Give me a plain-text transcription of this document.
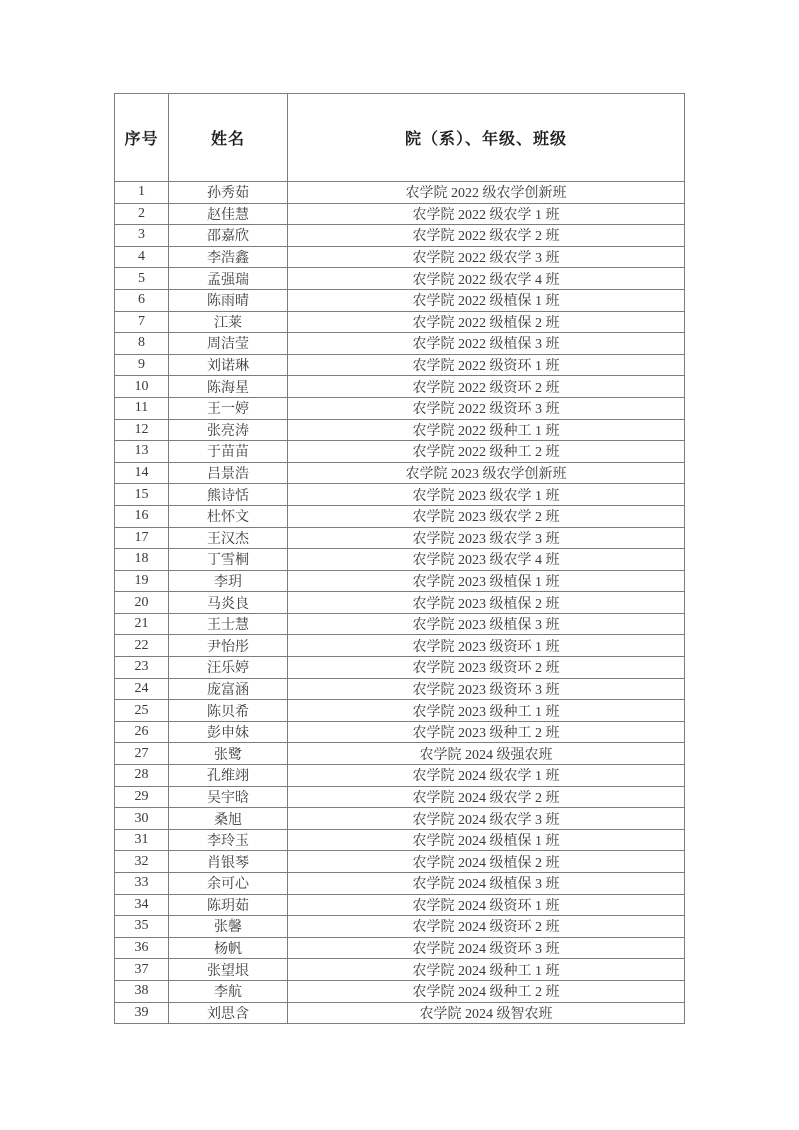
序号	姓名	院（系）、年级、班级
1	孙秀茹	农学院 2022 级农学创新班
2	赵佳慧	农学院 2022 级农学 1 班
3	邵嘉欣	农学院 2022 级农学 2 班
4	李浩鑫	农学院 2022 级农学 3 班
5	孟强瑞	农学院 2022 级农学 4 班
6	陈雨晴	农学院 2022 级植保 1 班
7	江莱	农学院 2022 级植保 2 班
8	周洁莹	农学院 2022 级植保 3 班
9	刘诺琳	农学院 2022 级资环 1 班
10	陈海星	农学院 2022 级资环 2 班
11	王一婷	农学院 2022 级资环 3 班
12	张亮涛	农学院 2022 级种工 1 班
13	于苗苗	农学院 2022 级种工 2 班
14	吕景浩	农学院 2023 级农学创新班
15	熊诗恬	农学院 2023 级农学 1 班
16	杜怀文	农学院 2023 级农学 2 班
17	王汉杰	农学院 2023 级农学 3 班
18	丁雪桐	农学院 2023 级农学 4 班
19	李玥	农学院 2023 级植保 1 班
20	马炎良	农学院 2023 级植保 2 班
21	王士慧	农学院 2023 级植保 3 班
22	尹怡彤	农学院 2023 级资环 1 班
23	汪乐婷	农学院 2023 级资环 2 班
24	庞富涵	农学院 2023 级资环 3 班
25	陈贝希	农学院 2023 级种工 1 班
26	彭申妹	农学院 2023 级种工 2 班
27	张鹭	农学院 2024 级强农班
28	孔维翊	农学院 2024 级农学 1 班
29	吴宇晗	农学院 2024 级农学 2 班
30	桑旭	农学院 2024 级农学 3 班
31	李玲玉	农学院 2024 级植保 1 班
32	肖银琴	农学院 2024 级植保 2 班
33	余可心	农学院 2024 级植保 3 班
34	陈玥茹	农学院 2024 级资环 1 班
35	张馨	农学院 2024 级资环 2 班
36	杨帆	农学院 2024 级资环 3 班
37	张望垠	农学院 2024 级种工 1 班
38	李航	农学院 2024 级种工 2 班
39	刘思含	农学院 2024 级智农班
